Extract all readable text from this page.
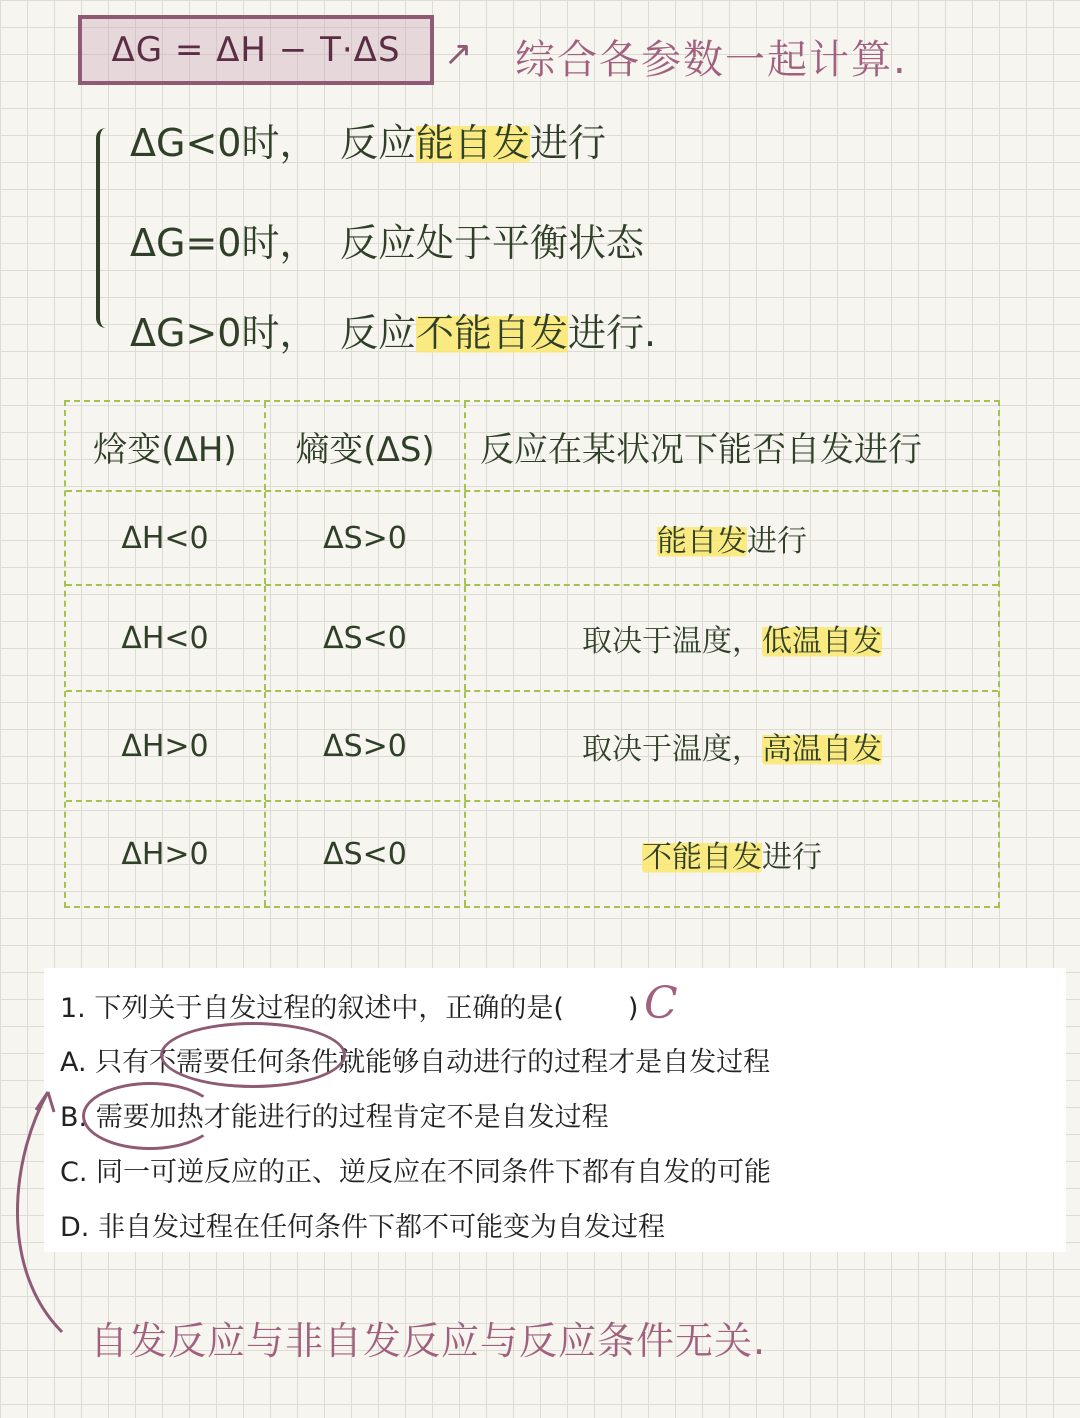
ΔG = ΔH − T·ΔS ↗ 综合各参数一起计算.
ΔG<0时， 反应能自发进行
ΔG=0时， 反应处于平衡状态
ΔG>0时， 反应不能自发进行.
焓变(ΔH)	熵变(ΔS)	反应在某状况下能否自发进行
ΔH<0	ΔS>0	能自发 进行
ΔH<0	ΔS<0	取决于温度， 低温自发
ΔH>0	ΔS>0	取决于温度， 高温自发
ΔH>0	ΔS<0	不能自发 进行
1. 下列关于自发过程的叙述中，正确的是( ) C
A. 只有不需要任何条件就能够自动进行的过程才是自发过程
B. 需要加热才能进行的过程肯定不是自发过程
C. 同一可逆反应的正、逆反应在不同条件下都有自发的可能
D. 非自发过程在任何条件下都不可能变为自发过程
自发反应与非自发反应与反应条件无关.
